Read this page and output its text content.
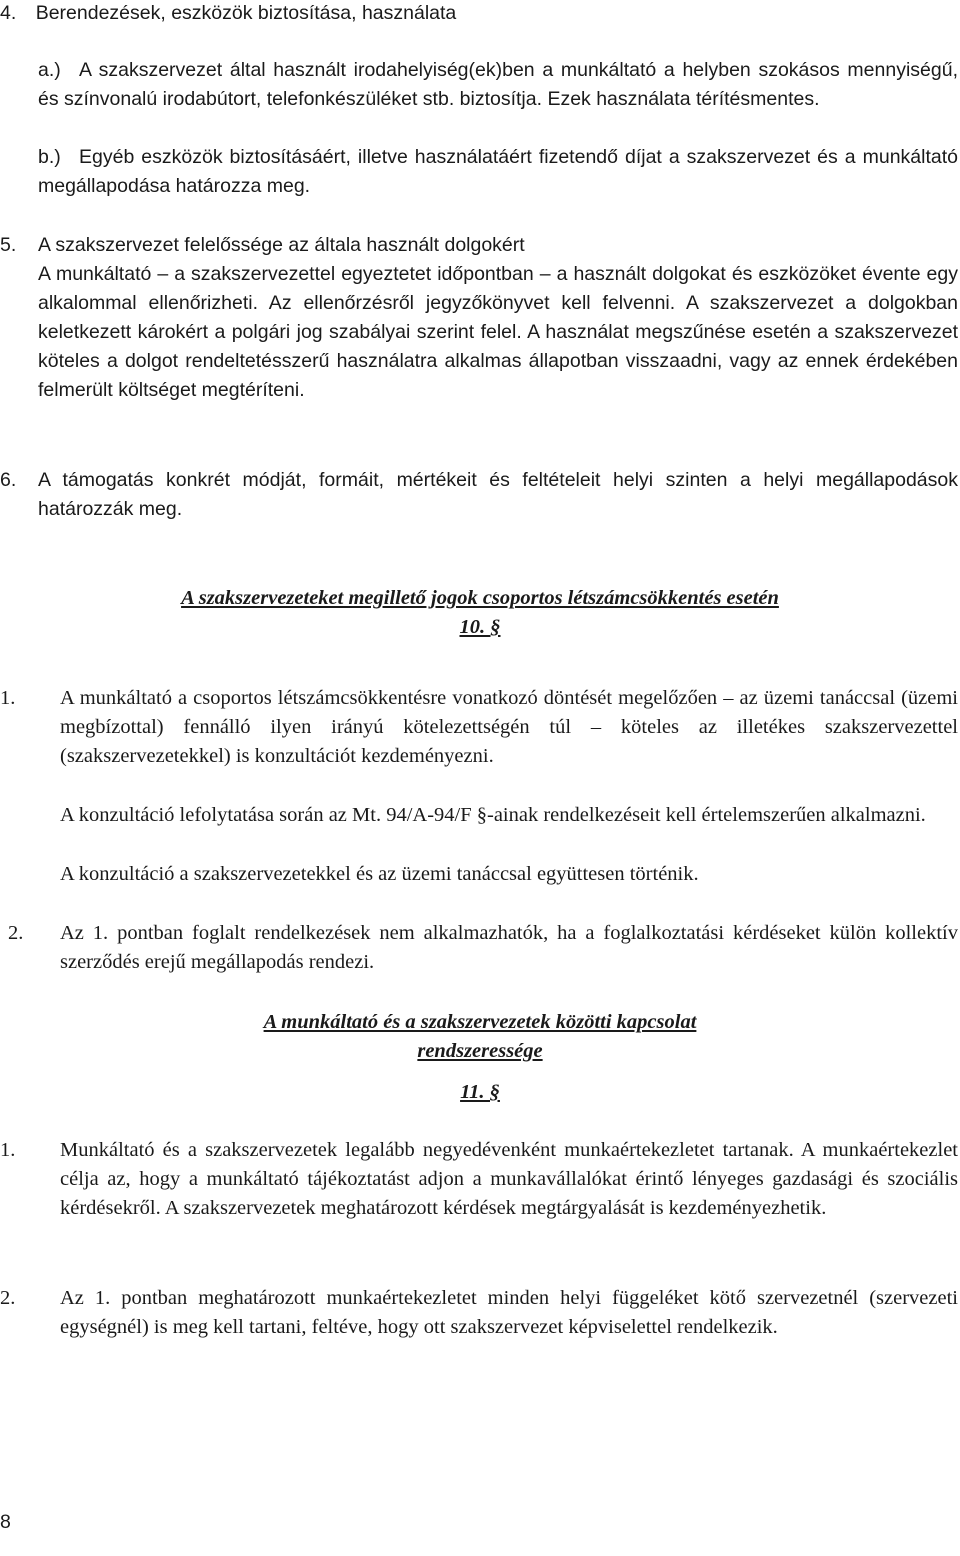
4. Berendezések, eszközök biztosítása, használata
a.) A szakszervezet által használt irodahelyiség(ek)ben a munkáltató a helyben szokásos mennyiségű, és színvonalú irodabútort, telefonkészüléket stb. biztosítja. Ezek használata térítésmentes.
b.) Egyéb eszközök biztosításáért, illetve használatáért fizetendő díjat a szakszervezet és a munkáltató megállapodása határozza meg.
5. A szakszervezet felelőssége az általa használt dolgokért
A munkáltató – a szakszervezettel egyeztetet időpontban – a használt dolgokat és eszközöket évente egy alkalommal ellenőrizheti. Az ellenőrzésről jegyzőkönyvet kell felvenni. A szakszervezet a dolgokban keletkezett károkért a polgári jog szabályai szerint felel. A használat megszűnése esetén a szakszervezet köteles a dolgot rendeltetésszerű használatra alkalmas állapotban visszaadni, vagy az ennek érdekében felmerült költséget megtéríteni.
6. A támogatás konkrét módját, formáit, mértékeit és feltételeit helyi szinten a helyi megállapodások határozzák meg.
A szakszervezeteket megillető jogok csoportos létszámcsökkentés esetén
10. §
1. A munkáltató a csoportos létszámcsökkentésre vonatkozó döntését megelőzően – az üzemi tanáccsal (üzemi megbízottal) fennálló ilyen irányú kötelezettségén túl – köteles az illetékes szakszervezettel (szakszervezetekkel) is konzultációt kezdeményezni.
A konzultáció lefolytatása során az Mt. 94/A-94/F §-ainak rendelkezéseit kell értelemszerűen alkalmazni.
A konzultáció a szakszervezetekkel és az üzemi tanáccsal együttesen történik.
2. Az 1. pontban foglalt rendelkezések nem alkalmazhatók, ha a foglalkoztatási kérdéseket külön kollektív szerződés erejű megállapodás rendezi.
A munkáltató és a szakszervezetek közötti kapcsolat
rendszeressége
11. §
1. Munkáltató és a szakszervezetek legalább negyedévenként munkaértekezletet tartanak. A munkaértekezlet célja az, hogy a munkáltató tájékoztatást adjon a munkavállalókat érintő lényeges gazdasági és szociális kérdésekről. A szakszervezetek meghatározott kérdések megtárgyalását is kezdeményezhetik.
2. Az 1. pontban meghatározott munkaértekezletet minden helyi függeléket kötő szervezetnél (szervezeti egységnél) is meg kell tartani, feltéve, hogy ott szakszervezet képviselettel rendelkezik.
8
